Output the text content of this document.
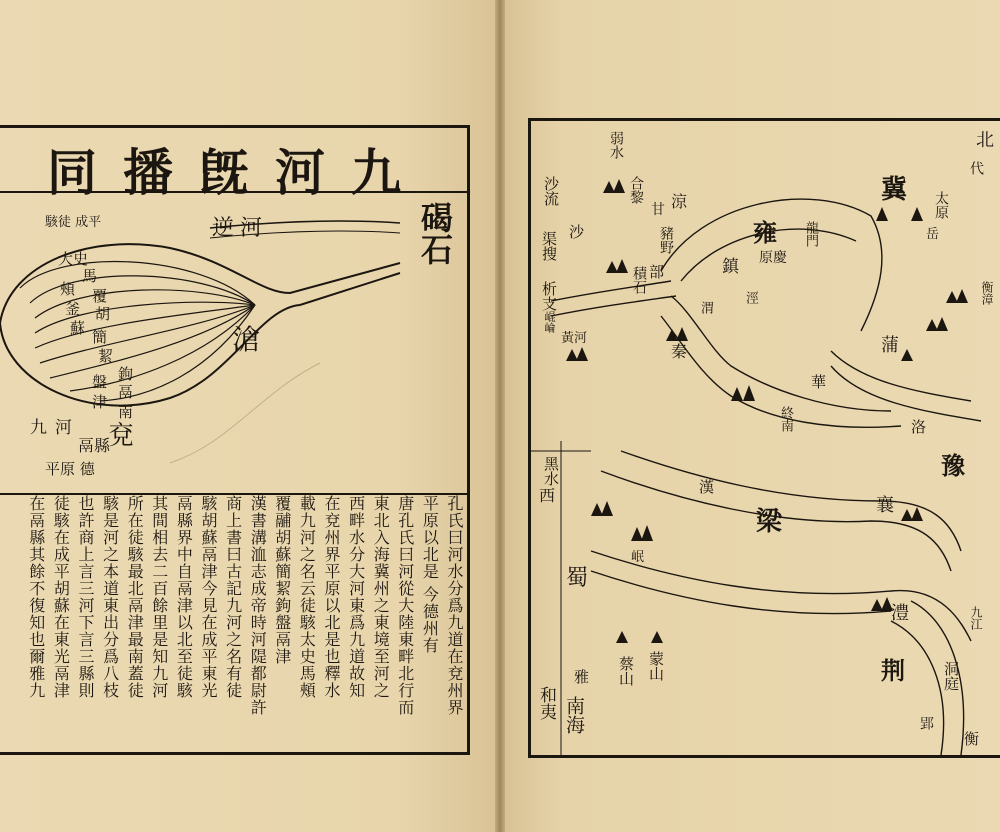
九河旣播同
碣石
逆河
滄
駭徒 成平
大史
馬
頰 覆
釜 胡
蘇 簡
絜
鉤
盤
鬲
津
南
九河 兗
鬲縣
平原 德
孔氏曰河水分爲九道在兗州界
平原以北是 今德州有
唐孔氏曰河從大陸東畔北行而
東北入海冀州之東境至河之
西畔水分大河東爲九道故知
在兗州界平原以北是也釋水
載九河之名云徒駭太史馬頰
覆鬴胡蘇簡絜鉤盤鬲津
漢書溝洫志成帝時河隄都尉許
商上書曰古記九河之名有徒
駭胡蘇鬲津今見在成平東光
鬲縣界中自鬲津以北至徒駭
其間相去二百餘里是知九河
所在徒駭最北鬲津最南蓋徒
駭是河之本道東出分爲八枝
也許商上言三河下言三縣則
徒駭在成平胡蘇在東光鬲津
在鬲縣其餘不復知也爾雅九
弱水
合黎 涼
甘
沙流
沙
渠搜
析支
崐崘
黃河
積石
豬野
部
雍
原 慶
鎮
龍門
冀 太原
岳
代
北
衡漳
蒲
秦
華
渭
涇
終南
豫
洛
黑水
西
梁
漢
襄
蜀
岷
澧
荆 洞庭
九江
蒙山
蔡山
雅
和夷 南海	郢
衡
